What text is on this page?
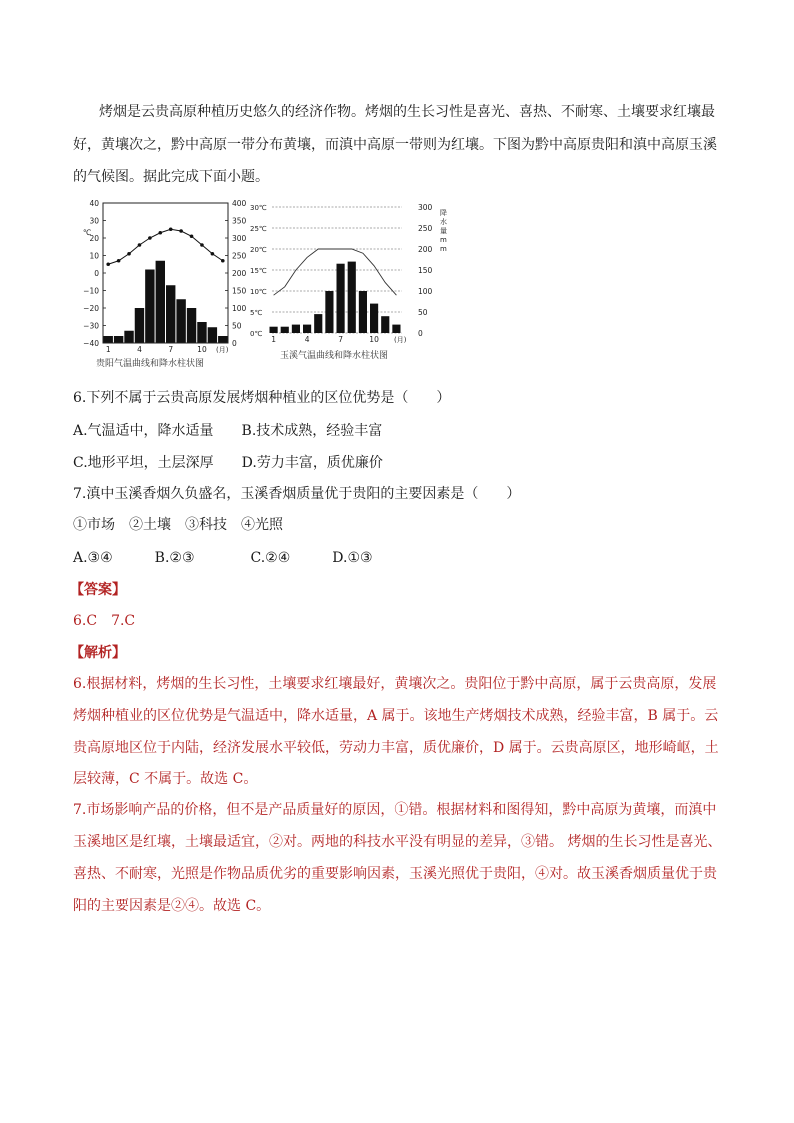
烤烟是云贵高原种植历史悠久的经济作物。烤烟的生长习性是喜光、喜热、不耐寒、土壤要求红壤最
好，黄壤次之，黔中高原一带分布黄壤，而滇中高原一带则为红壤。下图为黔中高原贵阳和滇中高原玉溪
的气候图。据此完成下面小题。
40
30
20
10
0
−10
−20
−30
−40
℃
400
350
300
250
200
150
100
50
0
1	4	7	10 (月)
贵阳气温曲线和降水柱状图
30℃
25℃
20℃
15℃
10℃
5℃
0℃
300
250
200
150
100
50
0
降
水
量
m
m
1	4	7	10 (月)
玉溪气温曲线和降水柱状图
6.下列不属于云贵高原发展烤烟种植业的区位优势是（　　）
A.气温适中，降水适量　　B.技术成熟，经验丰富
C.地形平坦，土层深厚　　D.劳力丰富，质优廉价
7.滇中玉溪香烟久负盛名，玉溪香烟质量优于贵阳的主要因素是（　　）
①市场　②土壤　③科技　④光照
A.③④　　　B.②③　　　　C.②④　　　D.①③
【答案】
6.C　7.C
【解析】
6.根据材料，烤烟的生长习性，土壤要求红壤最好，黄壤次之。贵阳位于黔中高原，属于云贵高原，发展
烤烟种植业的区位优势是气温适中，降水适量，A 属于。该地生产烤烟技术成熟，经验丰富，B 属于。云
贵高原地区位于内陆，经济发展水平较低，劳动力丰富，质优廉价，D 属于。云贵高原区，地形崎岖，土
层较薄，C 不属于。故选 C。
7.市场影响产品的价格，但不是产品质量好的原因，①错。根据材料和图得知，黔中高原为黄壤，而滇中
玉溪地区是红壤，土壤最适宜，②对。两地的科技水平没有明显的差异，③错。 烤烟的生长习性是喜光、
喜热、不耐寒，光照是作物品质优劣的重要影响因素，玉溪光照优于贵阳，④对。故玉溪香烟质量优于贵
阳的主要因素是②④。故选 C。
